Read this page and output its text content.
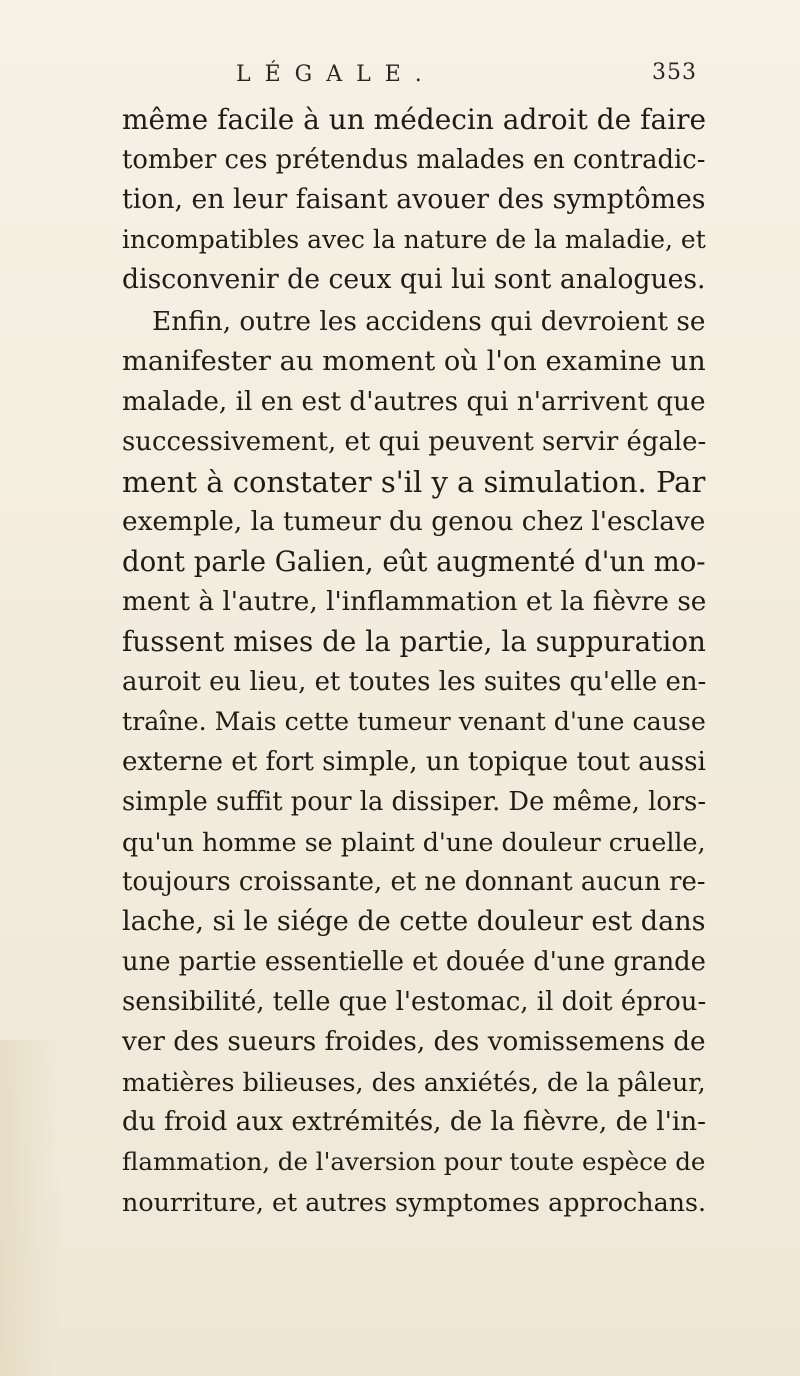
LÉGALE.	353
même facile à un médecin adroit de faire
tomber ces prétendus malades en contradic-
tion, en leur faisant avouer des symptômes
incompatibles avec la nature de la maladie, et
disconvenir de ceux qui lui sont analogues.
Enfin, outre les accidens qui devroient se
manifester au moment où l'on examine un
malade, il en est d'autres qui n'arrivent que
successivement, et qui peuvent servir égale-
ment à constater s'il y a simulation. Par
exemple, la tumeur du genou chez l'esclave
dont parle Galien, eût augmenté d'un mo-
ment à l'autre, l'inflammation et la fièvre se
fussent mises de la partie, la suppuration
auroit eu lieu, et toutes les suites qu'elle en-
traîne. Mais cette tumeur venant d'une cause
externe et fort simple, un topique tout aussi
simple suffit pour la dissiper. De même, lors-
qu'un homme se plaint d'une douleur cruelle,
toujours croissante, et ne donnant aucun re-
lache, si le siége de cette douleur est dans
une partie essentielle et douée d'une grande
sensibilité, telle que l'estomac, il doit éprou-
ver des sueurs froides, des vomissemens de
matières bilieuses, des anxiétés, de la pâleur,
du froid aux extrémités, de la fièvre, de l'in-
flammation, de l'aversion pour toute espèce de
nourriture, et autres symptomes approchans.
